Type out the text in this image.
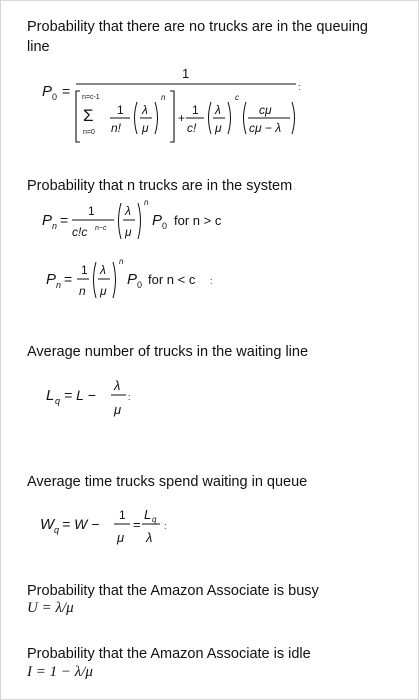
Probability that there are no trucks are in the queuing line
P 0 =
1
n=c-1
Σ
n=0
1
n!
λ
μ
n
+
1
c!
λ
μ
c
cμ
cμ − λ
:
Probability that n trucks are in the system
P n =
1
c!c n−c
λ
μ
n
P 0 for n > c
P n =
1
n
λ
μ
n
P 0 for n < c :
Average number of trucks in the waiting line
L q = L −
λ
μ
:
Average time trucks spend waiting in queue
W q = W −
1
μ
=
L q
λ
:
Probability that the Amazon Associate is busy
U = λ/μ
Probability that the Amazon Associate is idle
I = 1 − λ/μ
